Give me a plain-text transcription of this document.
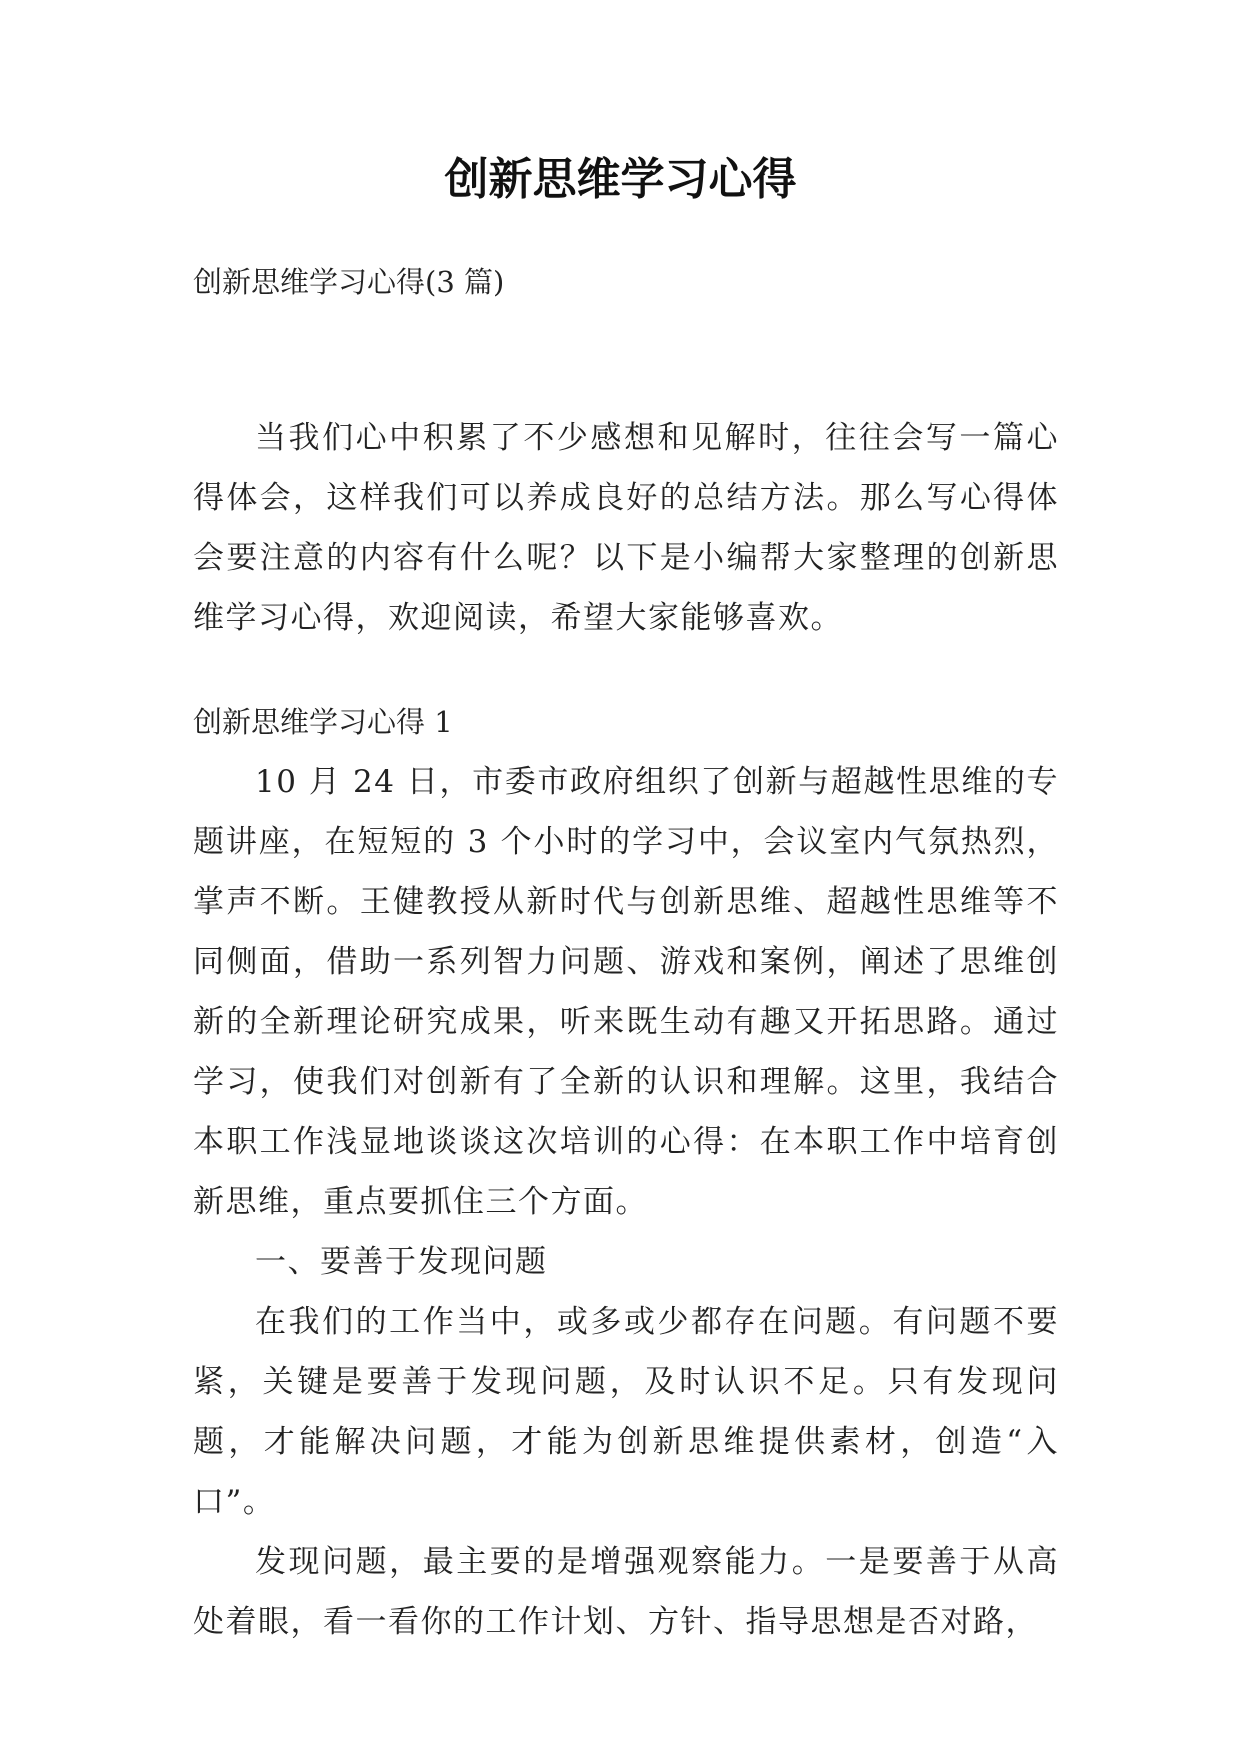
创新思维学习心得
创新思维学习心得(3 篇)

当我们心中积累了不少感想和见解时，往往会写一篇心得体会，这样我们可以养成良好的总结方法。那么写心得体会要注意的内容有什么呢？以下是小编帮大家整理的创新思维学习心得，欢迎阅读，希望大家能够喜欢。

创新思维学习心得 1

10 月 24 日，市委市政府组织了创新与超越性思维的专题讲座，在短短的 3 个小时的学习中，会议室内气氛热烈，掌声不断。王健教授从新时代与创新思维、超越性思维等不同侧面，借助一系列智力问题、游戏和案例，阐述了思维创新的全新理论研究成果，听来既生动有趣又开拓思路。通过学习，使我们对创新有了全新的认识和理解。这里，我结合本职工作浅显地谈谈这次培训的心得：在本职工作中培育创新思维，重点要抓住三个方面。

一、要善于发现问题

在我们的工作当中，或多或少都存在问题。有问题不要紧，关键是要善于发现问题，及时认识不足。只有发现问题，才能解决问题，才能为创新思维提供素材，创造“入口”。

发现问题，最主要的是增强观察能力。一是要善于从高处着眼，看一看你的工作计划、方针、指导思想是否对路，
